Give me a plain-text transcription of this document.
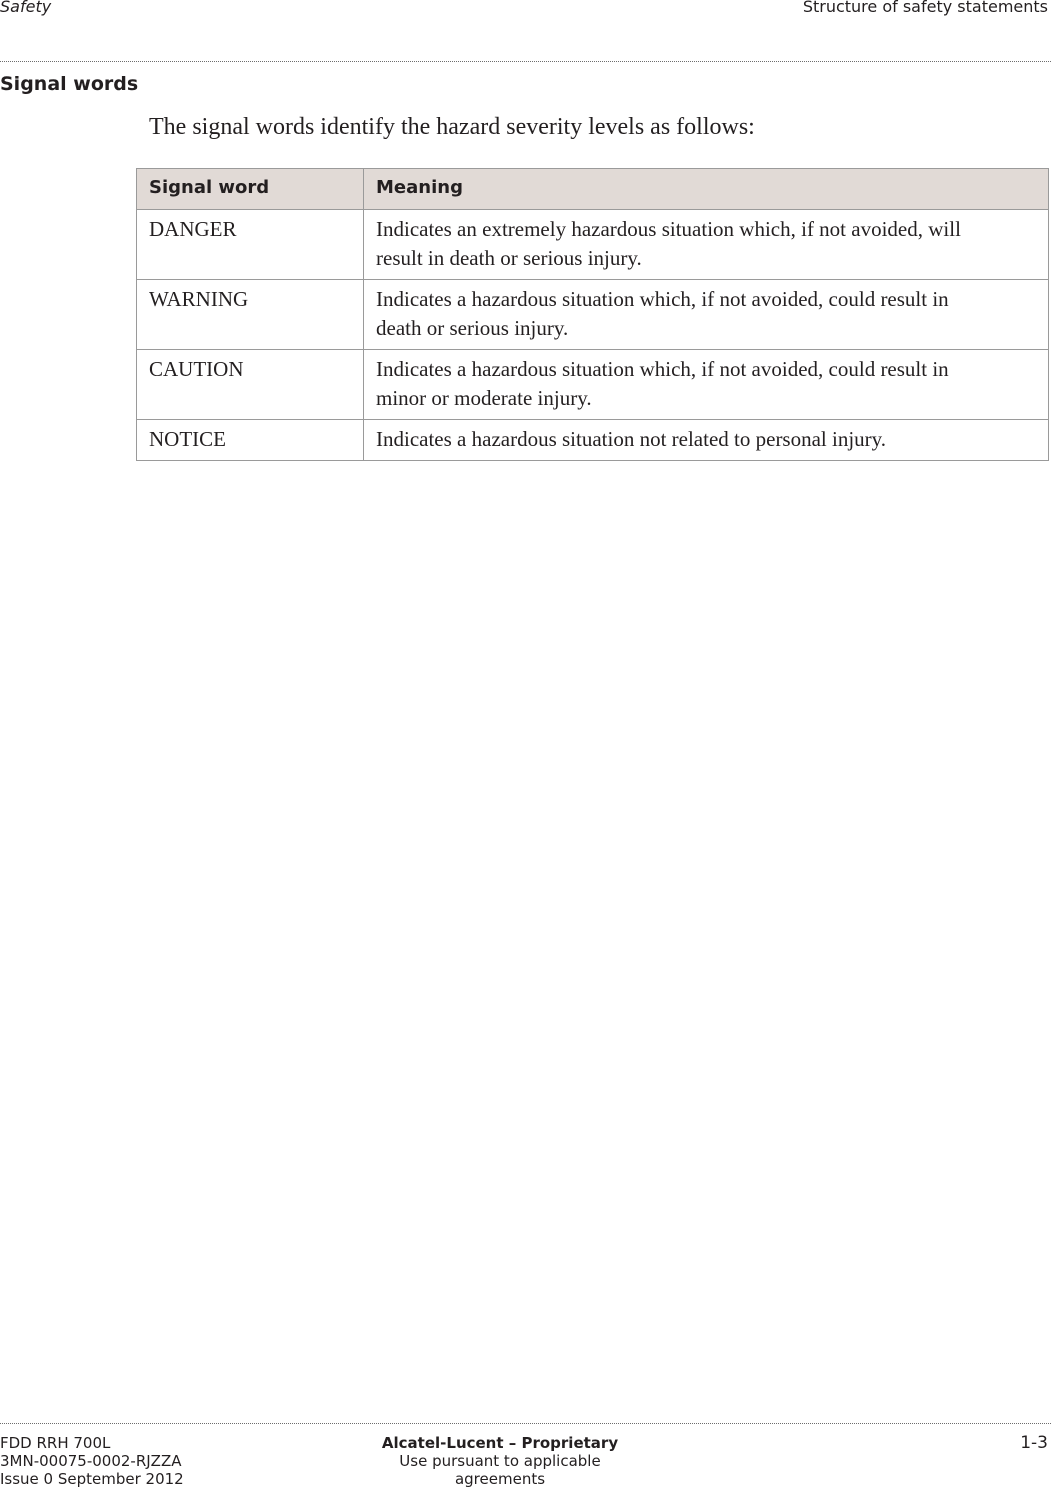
Safety	Structure of safety statements
Signal words
The signal words identify the hazard severity levels as follows:
Signal word	Meaning
DANGER	Indicates an extremely hazardous situation which, if not avoided, will
result in death or serious injury.

WARNING	Indicates a hazardous situation which, if not avoided, could result in
death or serious injury.

CAUTION	Indicates a hazardous situation which, if not avoided, could result in
minor or moderate injury.

NOTICE	Indicates a hazardous situation not related to personal injury.
FDD RRH 700L
3MN-00075-0002-RJZZA
Issue 0 September 2012
Alcatel-Lucent – Proprietary
Use pursuant to applicable agreements
1-3
